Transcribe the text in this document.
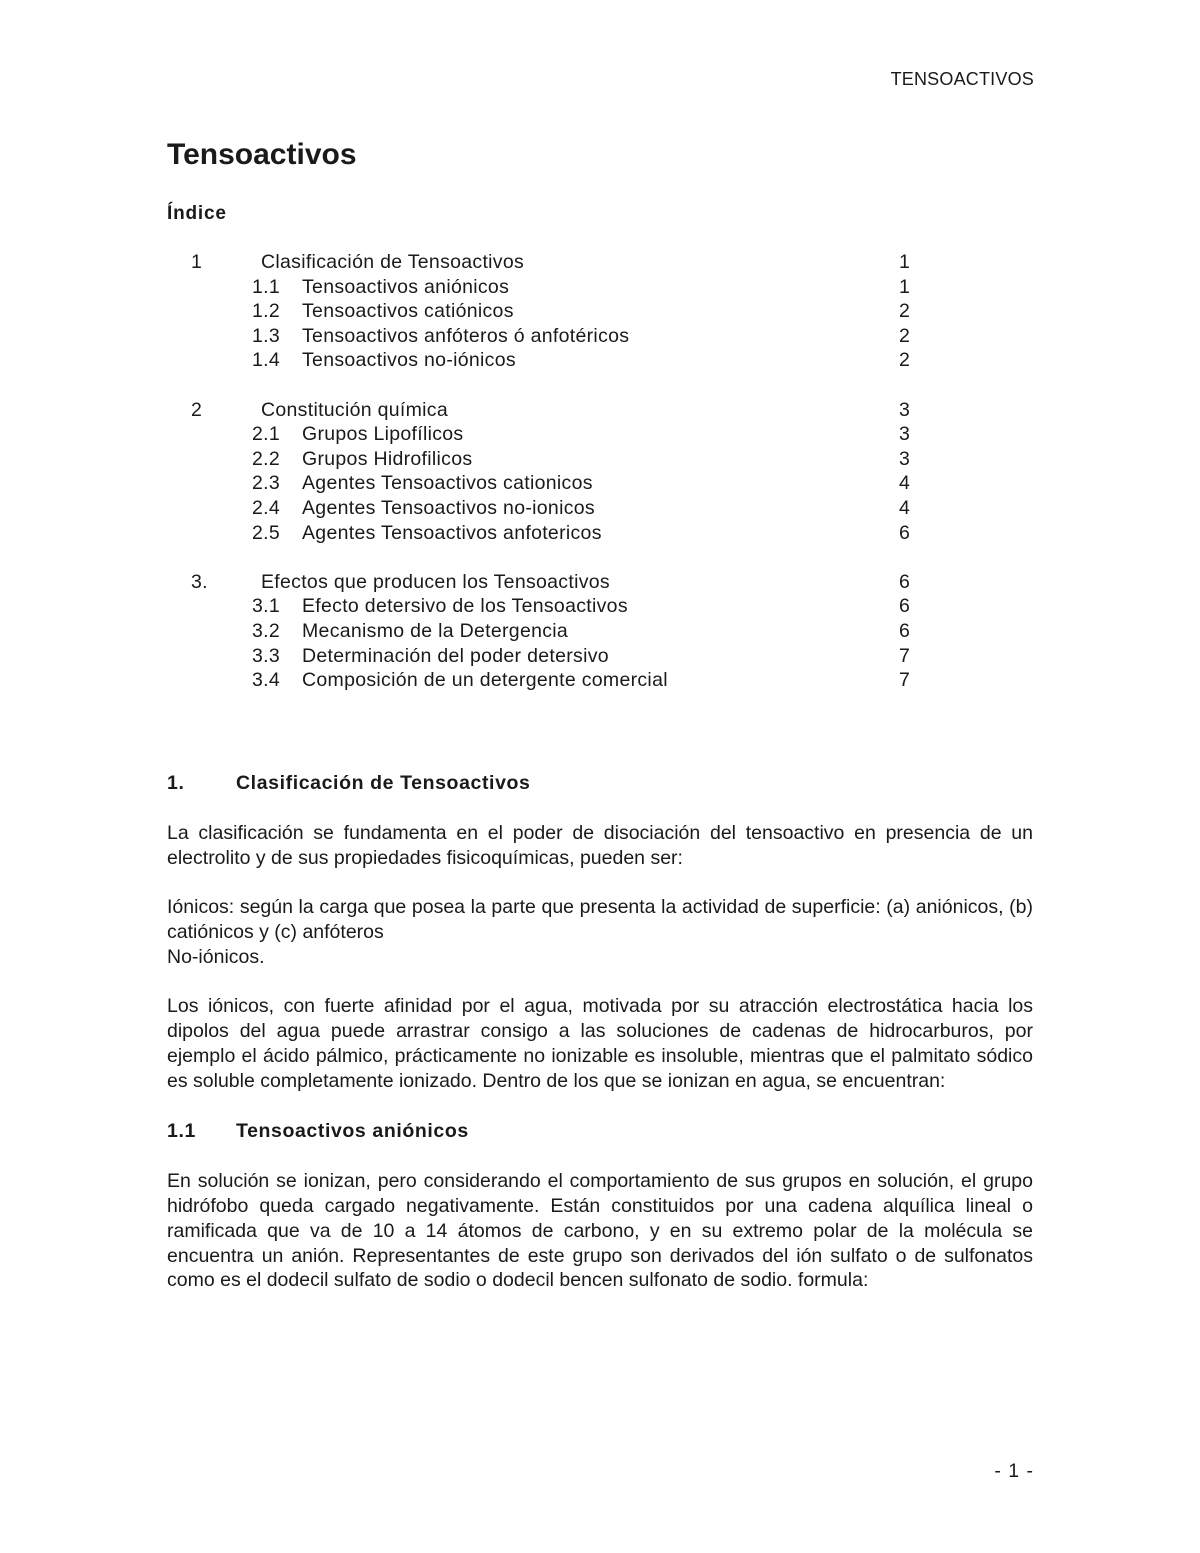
TENSOACTIVOS
Tensoactivos
Índice
1	Clasificación de Tensoactivos	1
1.1 Tensoactivos aniónicos	1
1.2 Tensoactivos catiónicos	2
1.3 Tensoactivos anfóteros ó anfotéricos	2
1.4 Tensoactivos no-iónicos	2
2	Constitución química	3
2.1 Grupos Lipofílicos	3
2.2 Grupos Hidrofilicos	3
2.3 Agentes Tensoactivos cationicos	4
2.4 Agentes Tensoactivos no-ionicos	4
2.5 Agentes Tensoactivos anfotericos	6
3.	Efectos que producen los Tensoactivos	6
3.1 Efecto detersivo de los Tensoactivos	6
3.2 Mecanismo de la Detergencia	6
3.3 Determinación del poder detersivo	7
3.4 Composición de un detergente comercial	7
1.	Clasificación de Tensoactivos

La clasificación se fundamenta en el poder de disociación del tensoactivo en presencia de un electrolito y de sus propiedades fisicoquímicas, pueden ser:

Iónicos: según la carga que posea la parte que presenta la actividad de superficie: (a) aniónicos, (b) catiónicos y (c) anfóteros

No-iónicos.

Los iónicos, con fuerte afinidad por el agua, motivada por su atracción electrostática hacia los dipolos del agua puede arrastrar consigo a las soluciones de cadenas de hidrocarburos, por ejemplo el ácido pálmico, prácticamente no ionizable es insoluble, mientras que el palmitato sódico es soluble completamente ionizado. Dentro de los que se ionizan en agua, se encuentran:

1.1 Tensoactivos aniónicos

En solución se ionizan, pero considerando el comportamiento de sus grupos en solución, el grupo hidrófobo queda cargado negativamente. Están constituidos por una cadena alquílica lineal o ramificada que va de 10 a 14 átomos de carbono, y en su extremo polar de la molécula se encuentra un anión. Representantes de este grupo son derivados del ión sulfato o de sulfonatos como es el dodecil sulfato de sodio o dodecil bencen sulfonato de sodio. formula:

- 1 -
